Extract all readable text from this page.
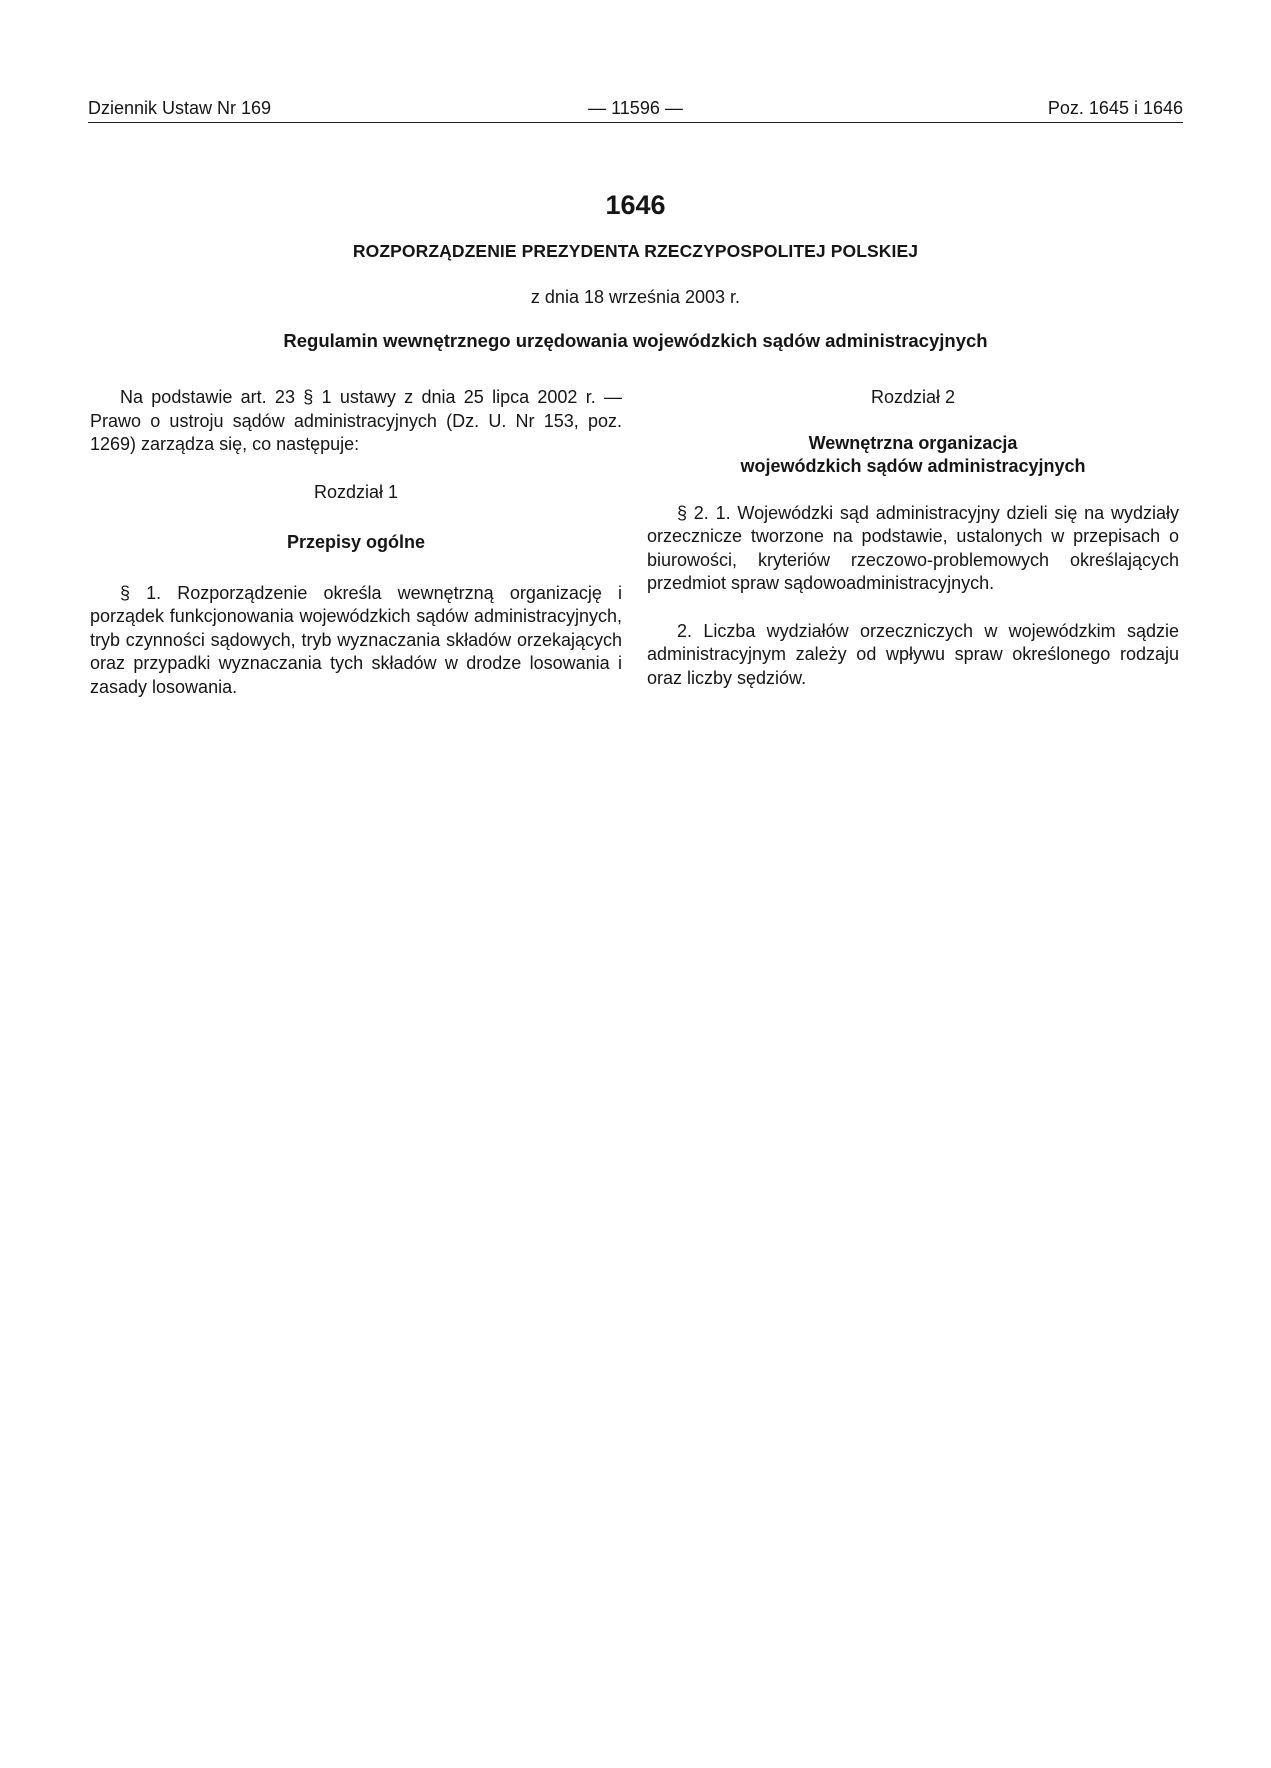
Dziennik Ustaw Nr 169	— 11596 —	Poz. 1645 i 1646
1646
ROZPORZĄDZENIE PREZYDENTA RZECZYPOSPOLITEJ POLSKIEJ
z dnia 18 września 2003 r.
Regulamin wewnętrznego urzędowania wojewódzkich sądów administracyjnych

Na podstawie art. 23 § 1 ustawy z dnia 25 lipca 2002 r. — Prawo o ustroju sądów administracyjnych (Dz. U. Nr 153, poz. 1269) zarządza się, co następuje:

Rozdział 1

Przepisy ogólne

§ 1. Rozporządzenie określa wewnętrzną organizację i porządek funkcjonowania wojewódzkich sądów administracyjnych, tryb czynności sądowych, tryb wyznaczania składów orzekających oraz przypadki wyznaczania tych składów w drodze losowania i zasady losowania.

Rozdział 2

Wewnętrzna organizacja

wojewódzkich sądów administracyjnych

§ 2. 1. Wojewódzki sąd administracyjny dzieli się na wydziały orzecznicze tworzone na podstawie, ustalonych w przepisach o biurowości, kryteriów rzeczowo-problemowych określających przedmiot spraw sądowoadministracyjnych.

2. Liczba wydziałów orzeczniczych w wojewódzkim sądzie administracyjnym zależy od wpływu spraw określonego rodzaju oraz liczby sędziów.
